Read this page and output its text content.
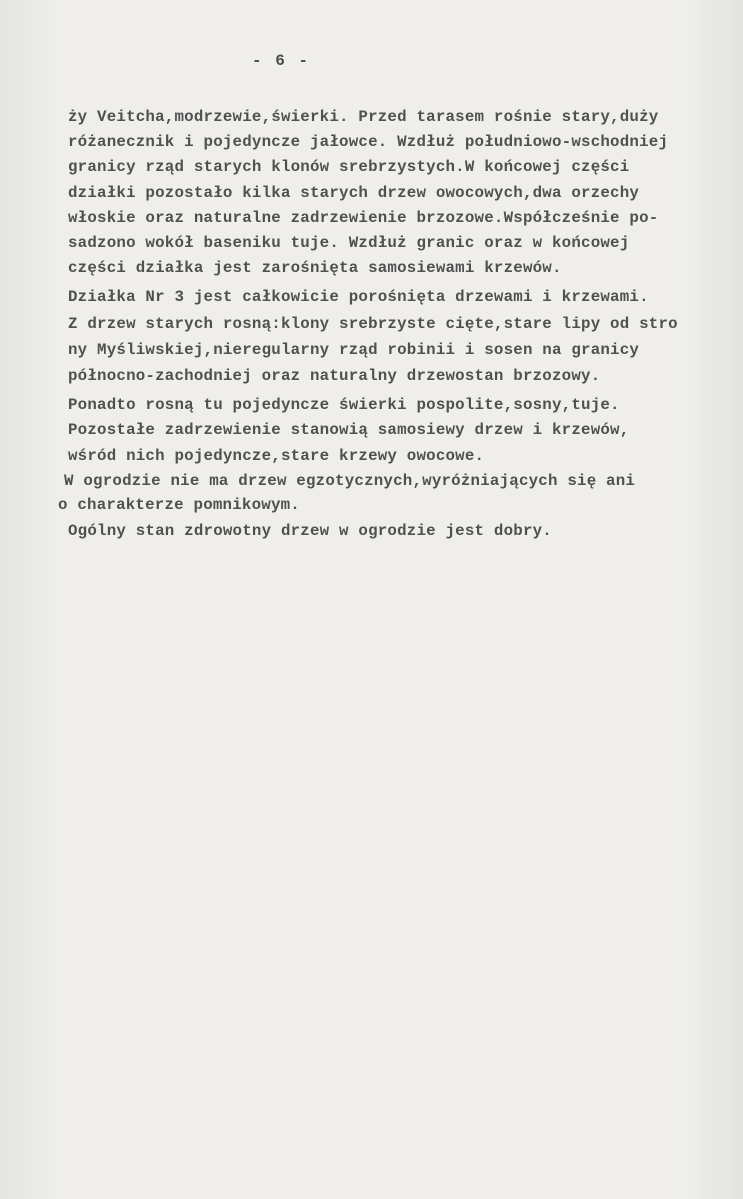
- 6 -
ży Veitcha,modrzewie,świerki. Przed tarasem rośnie stary,duży
różanecznik i pojedyncze jałowce. Wzdłuż południowo-wschodniej
granicy rząd starych klonów srebrzystych.W końcowej części
działki pozostało kilka starych drzew owocowych,dwa orzechy
włoskie oraz naturalne zadrzewienie brzozowe.Współcześnie po-
sadzono wokół baseniku tuje. Wzdłuż granic oraz w końcowej
części działka jest zarośnięta samosiewami krzewów.
Działka Nr 3 jest całkowicie porośnięta drzewami i krzewami.
Z drzew starych rosną:klony srebrzyste cięte,stare lipy od stro
ny Myśliwskiej,nieregularny rząd robinii i sosen na granicy
północno-zachodniej oraz naturalny drzewostan brzozowy.
Ponadto rosną tu pojedyncze świerki pospolite,sosny,tuje.
Pozostałe zadrzewienie stanowią samosiewy drzew i krzewów,
wśród nich pojedyncze,stare krzewy owocowe.
W ogrodzie nie ma drzew egzotycznych,wyróżniających się ani
o charakterze pomnikowym.
Ogólny stan zdrowotny drzew w ogrodzie jest dobry.
